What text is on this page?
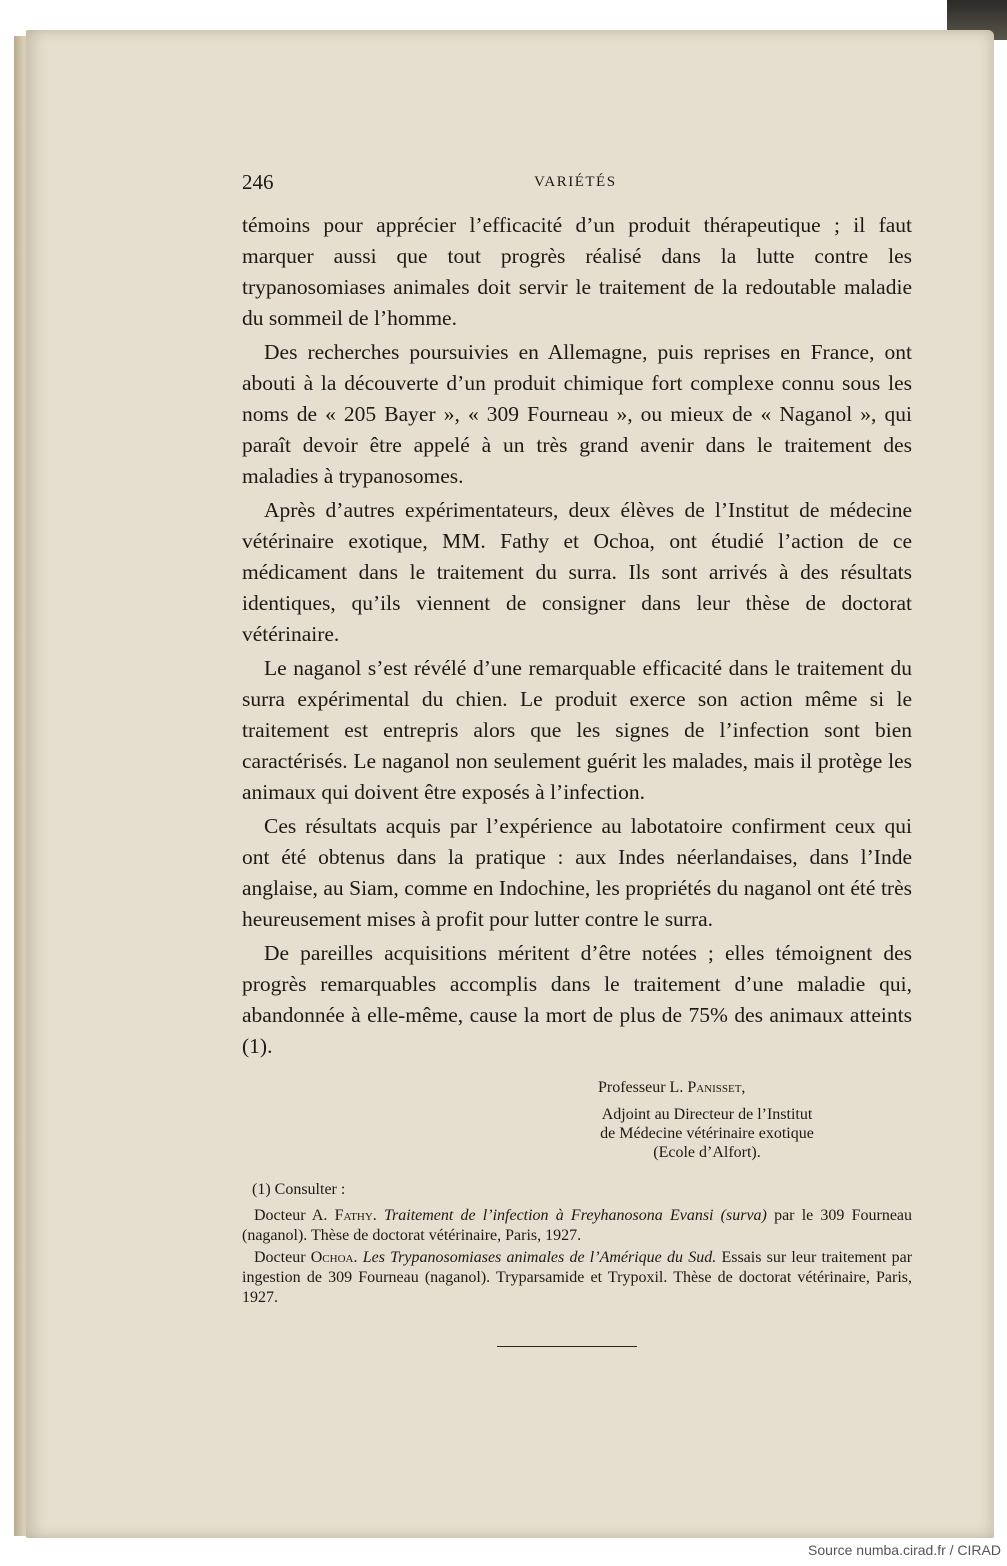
246	VARIÉTÉS

témoins pour apprécier l’efficacité d’un produit thérapeutique ; il faut marquer aussi que tout progrès réalisé dans la lutte contre les trypanosomiases animales doit servir le traitement de la redoutable maladie du sommeil de l’homme.

Des recherches poursuivies en Allemagne, puis reprises en France, ont abouti à la découverte d’un produit chimique fort complexe connu sous les noms de « 205 Bayer », « 309 Fourneau », ou mieux de « Naganol », qui paraît devoir être appelé à un très grand avenir dans le traitement des maladies à trypanosomes.

Après d’autres expérimentateurs, deux élèves de l’Institut de médecine vétérinaire exotique, MM. Fathy et Ochoa, ont étudié l’action de ce médicament dans le traitement du surra. Ils sont arrivés à des résultats identiques, qu’ils viennent de consigner dans leur thèse de doctorat vétérinaire.

Le naganol s’est révélé d’une remarquable efficacité dans le traitement du surra expérimental du chien. Le produit exerce son action même si le traitement est entrepris alors que les signes de l’infection sont bien caractérisés. Le naganol non seulement guérit les malades, mais il protège les animaux qui doivent être exposés à l’infection.

Ces résultats acquis par l’expérience au labotatoire confirment ceux qui ont été obtenus dans la pratique : aux Indes néerlandaises, dans l’Inde anglaise, au Siam, comme en Indochine, les propriétés du naganol ont été très heureusement mises à profit pour lutter contre le surra.

De pareilles acquisitions méritent d’être notées ; elles témoignent des progrès remarquables accomplis dans le traitement d’une maladie qui, abandonnée à elle-même, cause la mort de plus de 75% des animaux atteints (1).

Professeur L. Panisset,
Adjoint au Directeur de l’Institut
de Médecine vétérinaire exotique
(Ecole d’Alfort).

(1) Consulter :

Docteur A. Fathy. Traitement de l’infection à Freyhanosona Evansi (surva) par le 309 Fourneau (naganol). Thèse de doctorat vétérinaire, Paris, 1927.

Docteur Ochoa. Les Trypanosomiases animales de l’Amérique du Sud. Essais sur leur traitement par ingestion de 309 Fourneau (naganol). Tryparsamide et Trypoxil. Thèse de doctorat vétérinaire, Paris, 1927.

Source numba.cirad.fr / CIRAD
